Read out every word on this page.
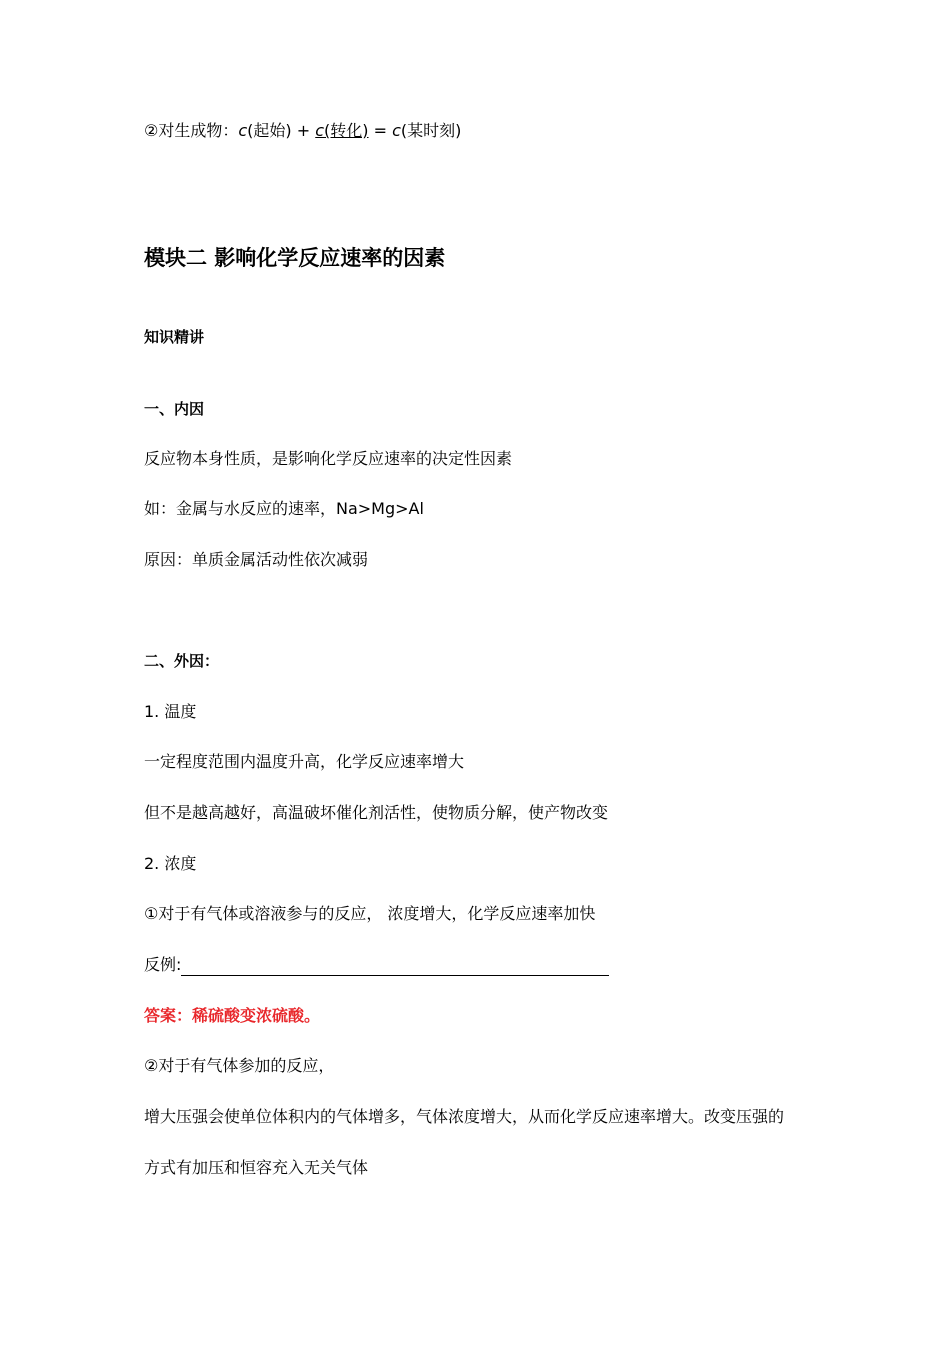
②对生成物：c(起始) + c(转化) = c(某时刻)
模块二 影响化学反应速率的因素
知识精讲
一、内因
反应物本身性质，是影响化学反应速率的决定性因素
如：金属与水反应的速率，Na>Mg>Al
原因：单质金属活动性依次减弱
二、外因：
1. 温度
一定程度范围内温度升高，化学反应速率增大
但不是越高越好，高温破坏催化剂活性，使物质分解，使产物改变
2. 浓度
①对于有气体或溶液参与的反应， 浓度增大，化学反应速率加快
反例:
答案：稀硫酸变浓硫酸。
②对于有气体参加的反应，
增大压强会使单位体积内的气体增多，气体浓度增大，从而化学反应速率增大。改变压强的
方式有加压和恒容充入无关气体
